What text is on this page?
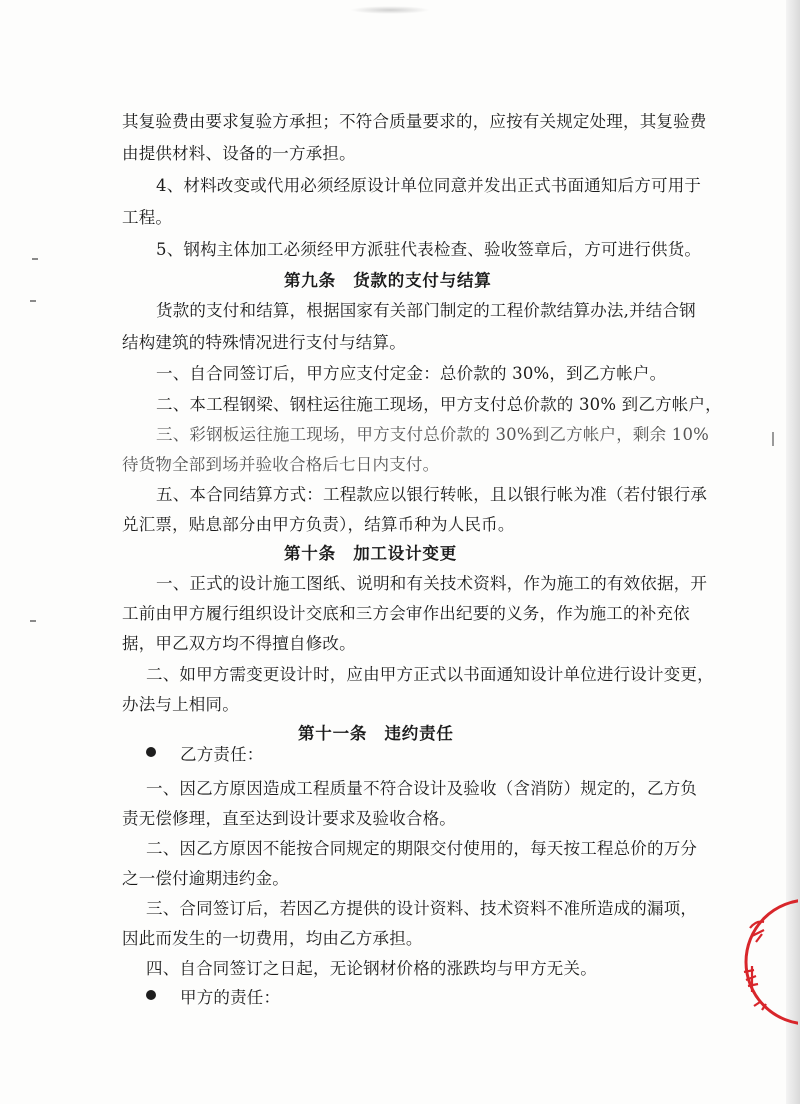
其复验费由要求复验方承担；不符合质量要求的，应按有关规定处理，其复验费
由提供材料、设备的一方承担。
4、材料改变或代用必须经原设计单位同意并发出正式书面通知后方可用于
工程。
5、钢构主体加工必须经甲方派驻代表检查、验收签章后，方可进行供货。
第九条　货款的支付与结算
货款的支付和结算，根据国家有关部门制定的工程价款结算办法,并结合钢
结构建筑的特殊情况进行支付与结算。
一、自合同签订后，甲方应支付定金：总价款的 30%，到乙方帐户。
二、本工程钢梁、钢柱运往施工现场，甲方支付总价款的 30% 到乙方帐户，
三、彩钢板运往施工现场，甲方支付总价款的 30%到乙方帐户，剩余 10%
待货物全部到场并验收合格后七日内支付。
五、本合同结算方式：工程款应以银行转帐，且以银行帐为准（若付银行承
兑汇票，贴息部分由甲方负责），结算币种为人民币。
第十条　加工设计变更
一、正式的设计施工图纸、说明和有关技术资料，作为施工的有效依据，开
工前由甲方履行组织设计交底和三方会审作出纪要的义务，作为施工的补充依
据，甲乙双方均不得擅自修改。
二、如甲方需变更设计时，应由甲方正式以书面通知设计单位进行设计变更，
办法与上相同。
第十一条　违约责任
乙方责任：
一、因乙方原因造成工程质量不符合设计及验收（含消防）规定的，乙方负
责无偿修理，直至达到设计要求及验收合格。
二、因乙方原因不能按合同规定的期限交付使用的，每天按工程总价的万分
之一偿付逾期违约金。
三、合同签订后，若因乙方提供的设计资料、技术资料不准所造成的漏项，
因此而发生的一切费用，均由乙方承担。
四、自合同签订之日起，无论钢材价格的涨跌均与甲方无关。
甲方的责任：
